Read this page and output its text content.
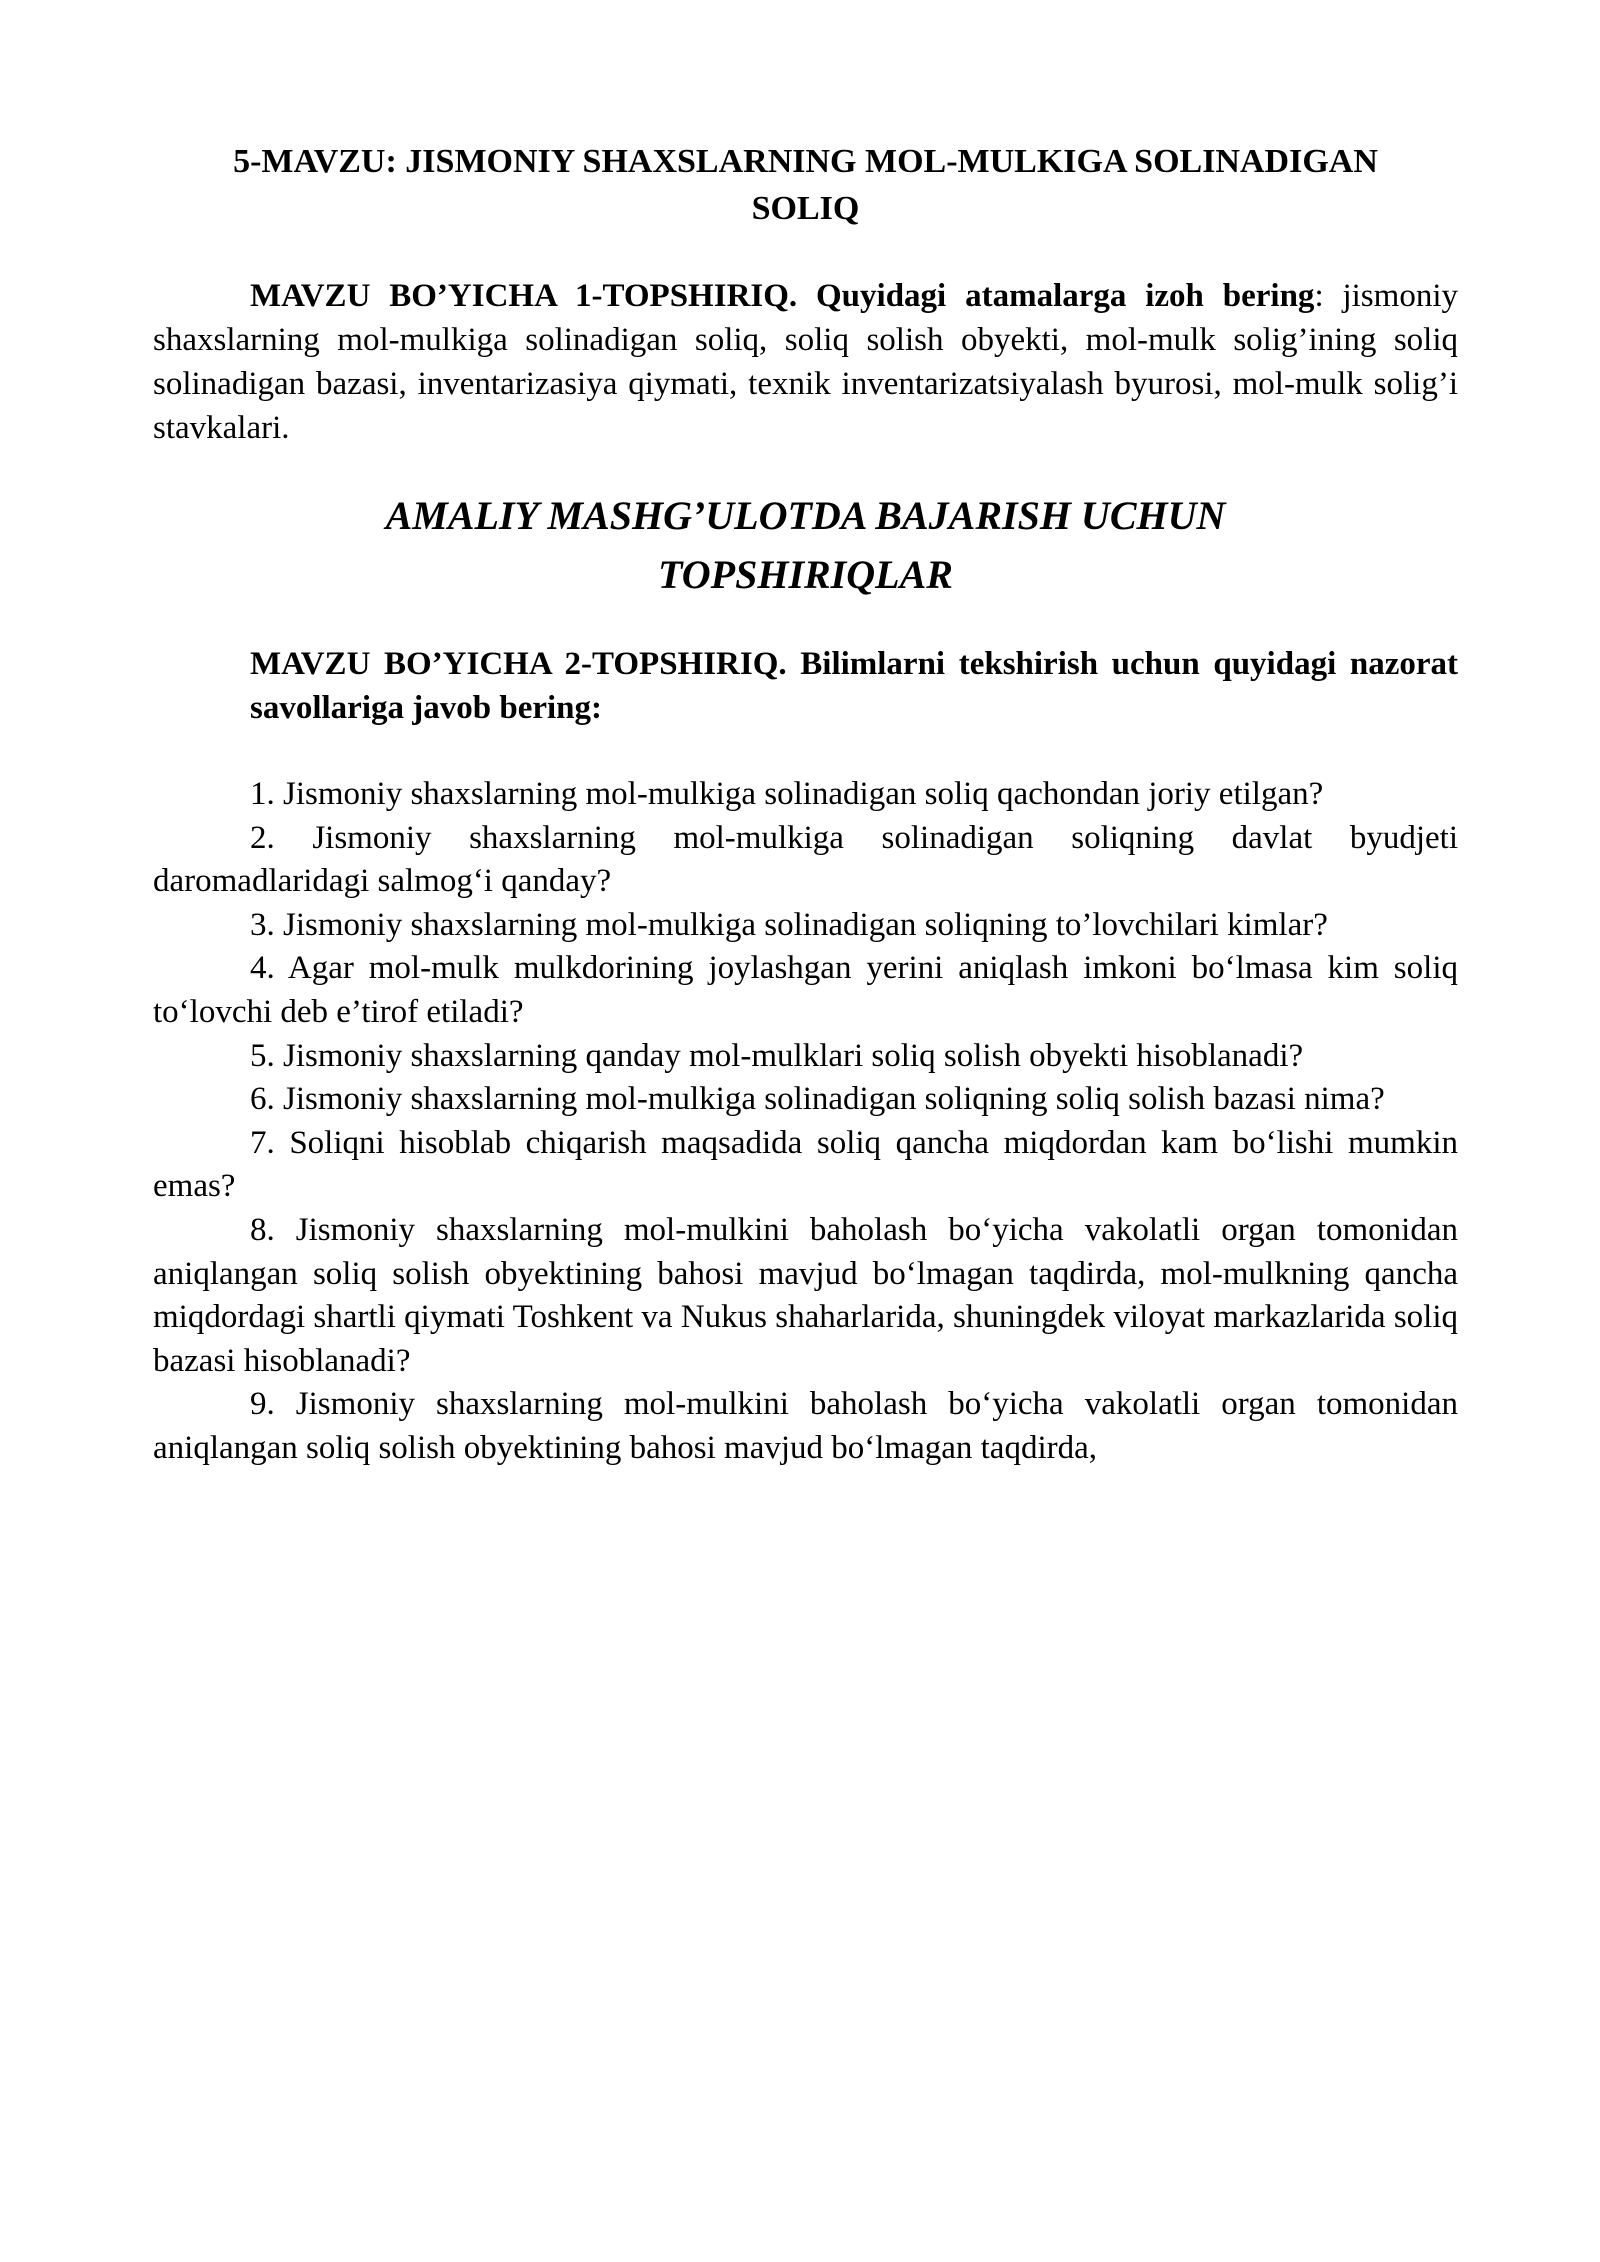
5-MAVZU: JISMONIY SHAXSLARNING MOL-MULKIGA SOLINADIGAN
SOLIQ

MAVZU BO’YICHA 1-TOPSHIRIQ. Quyidagi atamalarga izoh bering: jismoniy shaxslarning mol-mulkiga solinadigan soliq, soliq solish obyekti, mol-mulk solig’ining soliq solinadigan bazasi, inventarizasiya qiymati, texnik inventarizatsiyalash byurosi, mol-mulk solig’i stavkalari.

AMALIY MASHG’ULOTDA BAJARISH UCHUN
TOPSHIRIQLAR

MAVZU BO’YICHA 2-TOPSHIRIQ. Bilimlarni tekshirish uchun quyidagi nazorat savollariga javob bering:

1. Jismoniy shaxslarning mol-mulkiga solinadigan soliq qachondan joriy etilgan?

2. Jismoniy shaxslarning mol-mulkiga solinadigan soliqning davlat byudjeti daromadlaridagi salmog‘i qanday?

3. Jismoniy shaxslarning mol-mulkiga solinadigan soliqning to’lovchilari kimlar?

4. Agar mol-mulk mulkdorining joylashgan yerini aniqlash imkoni bo‘lmasa kim soliq to‘lovchi deb e’tirof etiladi?

5. Jismoniy shaxslarning qanday mol-mulklari soliq solish obyekti hisoblanadi?

6. Jismoniy shaxslarning mol-mulkiga solinadigan soliqning soliq solish bazasi nima?

7. Soliqni hisoblab chiqarish maqsadida soliq qancha miqdordan kam bo‘lishi mumkin emas?

8. Jismoniy shaxslarning mol-mulkini baholash bo‘yicha vakolatli organ tomonidan aniqlangan soliq solish obyektining bahosi mavjud bo‘lmagan taqdirda, mol-mulkning qancha miqdordagi shartli qiymati Toshkent va Nukus shaharlarida, shuningdek viloyat markazlarida soliq bazasi hisoblanadi?

9. Jismoniy shaxslarning mol-mulkini baholash bo‘yicha vakolatli organ tomonidan aniqlangan soliq solish obyektining bahosi mavjud bo‘lmagan taqdirda,
